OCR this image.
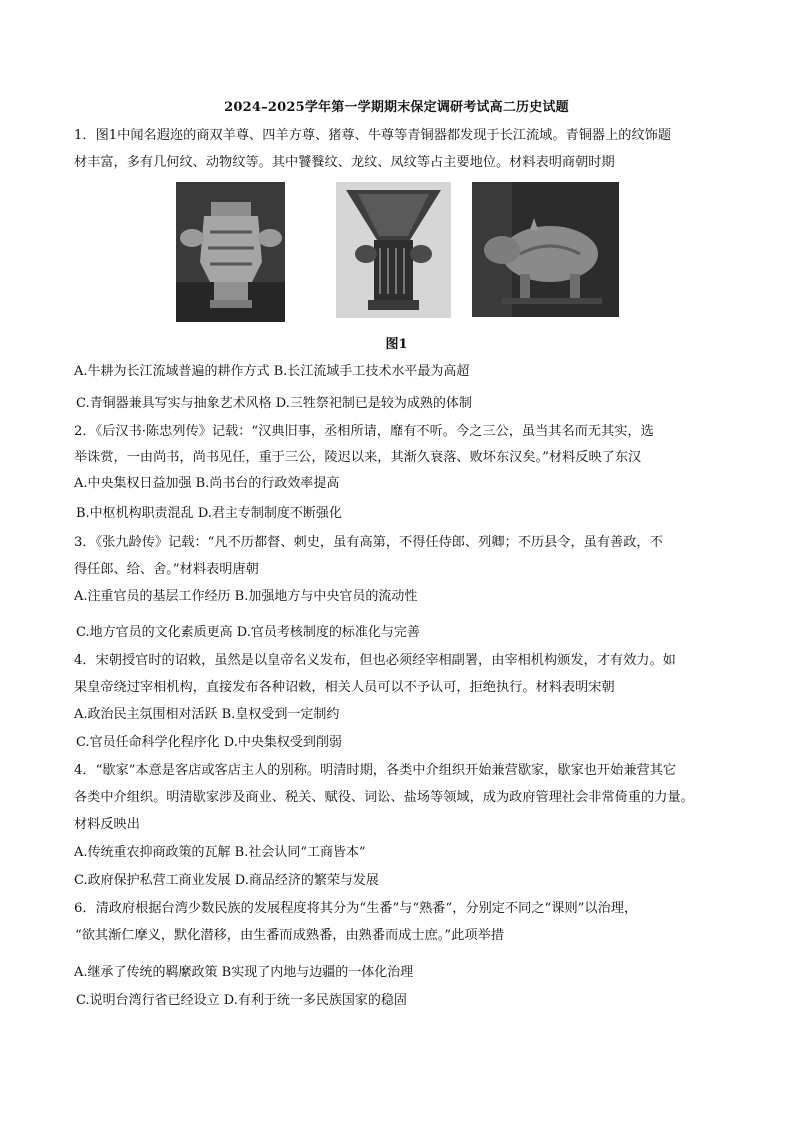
2024–2025学年第一学期期末保定调研考试高二历史试题
1．图1中闻名遐迩的商双羊尊、四羊方尊、猪尊、牛尊等青铜器都发现于长江流域。青铜器上的纹饰题
材丰富，多有几何纹、动物纹等。其中饕餮纹、龙纹、凤纹等占主要地位。材料表明商朝时期
图1
A.牛耕为长江流域普遍的耕作方式 B.长江流域手工技术水平最为高超
C.青铜器兼具写实与抽象艺术风格 D.三牲祭祀制已是较为成熟的体制
2．《后汉书·陈忠列传》记载：“汉典旧事，丞相所请，靡有不听。今之三公，虽当其名而无其实，选
举诛赏，一由尚书，尚书见任，重于三公，陵迟以来，其渐久衰落、败坏东汉矣。”材料反映了东汉
A.中央集权日益加强 B.尚书台的行政效率提高
B.中枢机构职责混乱 D.君主专制制度不断强化
3．《张九龄传》记载：“凡不历都督、刺史，虽有高第，不得任侍郎、列卿；不历县令，虽有善政，不
得任郎、给、舍。”材料表明唐朝
A.注重官员的基层工作经历 B.加强地方与中央官员的流动性
C.地方官员的文化素质更高 D.官员考核制度的标准化与完善
4．宋朝授官时的诏敕，虽然是以皇帝名义发布，但也必须经宰相副署，由宰相机构颁发，才有效力。如
果皇帝绕过宰相机构，直接发布各种诏敕，相关人员可以不予认可，拒绝执行。材料表明宋朝
A.政治民主氛围相对活跃 B.皇权受到一定制约
C.官员任命科学化程序化 D.中央集权受到削弱
4．“歇家”本意是客店或客店主人的别称。明清时期，各类中介组织开始兼营歇家，歇家也开始兼营其它
各类中介组织。明清歇家涉及商业、税关、赋役、词讼、盐场等领域，成为政府管理社会非常倚重的力量。
材料反映出
A.传统重农抑商政策的瓦解 B.社会认同“工商皆本”
C.政府保护私营工商业发展 D.商品经济的繁荣与发展
6．清政府根据台湾少数民族的发展程度将其分为“生番”与“熟番”，分别定不同之“课则”以治理，
“欲其渐仁摩义，默化潜移，由生番而成熟番，由熟番而成士庶。”此项举措
A.继承了传统的羁縻政策 B实现了内地与边疆的一体化治理
C.说明台湾行省已经设立 D.有利于统一多民族国家的稳固
